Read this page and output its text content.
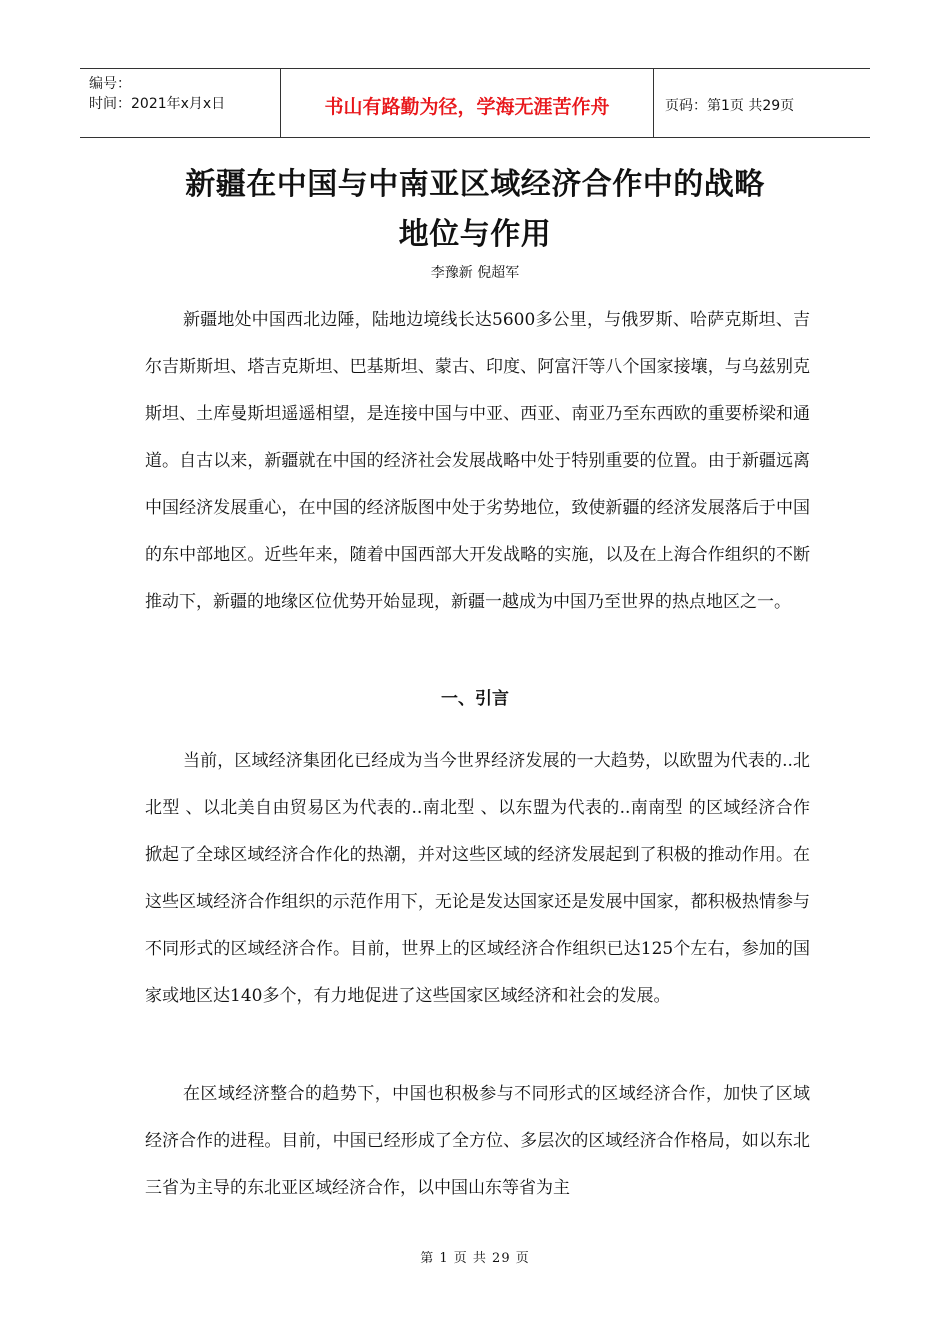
编号：
时间：2021年x月x日	书山有路勤为径，学海无涯苦作舟	页码：第1页 共29页
新疆在中国与中南亚区域经济合作中的战略
地位与作用
李豫新 倪超军

新疆地处中国西北边陲，陆地边境线长达5600多公里，与俄罗斯、哈萨克斯坦、吉尔吉斯斯坦、塔吉克斯坦、巴基斯坦、蒙古、印度、阿富汗等八个国家接壤，与乌兹别克斯坦、土库曼斯坦遥遥相望，是连接中国与中亚、西亚、南亚乃至东西欧的重要桥梁和通道。自古以来，新疆就在中国的经济社会发展战略中处于特别重要的位置。由于新疆远离中国经济发展重心，在中国的经济版图中处于劣势地位，致使新疆的经济发展落后于中国的东中部地区。近些年来，随着中国西部大开发战略的实施，以及在上海合作组织的不断推动下，新疆的地缘区位优势开始显现，新疆一越成为中国乃至世界的热点地区之一。

一、引言

当前，区域经济集团化已经成为当今世界经济发展的一大趋势，以欧盟为代表的..北北型 、以北美自由贸易区为代表的..南北型 、以东盟为代表的..南南型 的区域经济合作掀起了全球区域经济合作化的热潮，并对这些区域的经济发展起到了积极的推动作用。在这些区域经济合作组织的示范作用下，无论是发达国家还是发展中国家，都积极热情参与不同形式的区域经济合作。目前，世界上的区域经济合作组织已达125个左右，参加的国家或地区达140多个，有力地促进了这些国家区域经济和社会的发展。

在区域经济整合的趋势下，中国也积极参与不同形式的区域经济合作，加快了区域经济合作的进程。目前，中国已经形成了全方位、多层次的区域经济合作格局，如以东北三省为主导的东北亚区域经济合作，以中国山东等省为主

第 1 页 共 29 页
